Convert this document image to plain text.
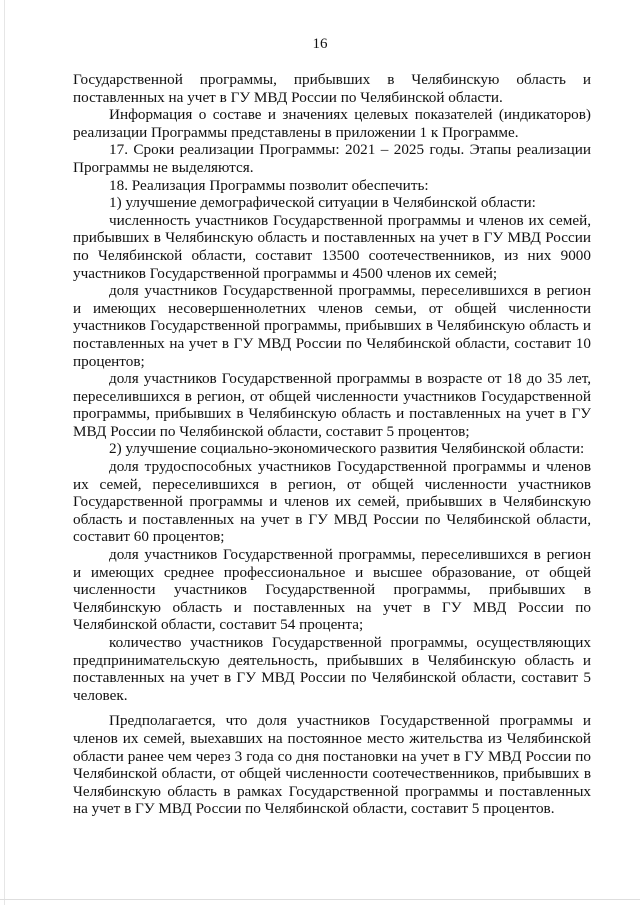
16

Государственной программы, прибывших в Челябинскую область и поставленных на учет в ГУ МВД России по Челябинской области.

Информация о составе и значениях целевых показателей (индикаторов) реализации Программы представлены в приложении 1 к Программе.

17. Сроки реализации Программы: 2021 – 2025 годы. Этапы реализации Программы не выделяются.

18. Реализация Программы позволит обеспечить:

1) улучшение демографической ситуации в Челябинской области:

численность участников Государственной программы и членов их семей, прибывших в Челябинскую область и поставленных на учет в ГУ МВД России по Челябинской области, составит 13500 соотечественников, из них 9000 участников Государственной программы и 4500 членов их семей;

доля участников Государственной программы, переселившихся в регион и имеющих несовершеннолетних членов семьи, от общей численности участников Государственной программы, прибывших в Челябинскую область и поставленных на учет в ГУ МВД России по Челябинской области, составит 10 процентов;

доля участников Государственной программы в возрасте от 18 до 35 лет, переселившихся в регион, от общей численности участников Государственной программы, прибывших в Челябинскую область и поставленных на учет в ГУ МВД России по Челябинской области, составит 5 процентов;

2) улучшение социально-экономического развития Челябинской области:

доля трудоспособных участников Государственной программы и членов их семей, переселившихся в регион, от общей численности участников Государственной программы и членов их семей, прибывших в Челябинскую область и поставленных на учет в ГУ МВД России по Челябинской области, составит 60 процентов;

доля участников Государственной программы, переселившихся в регион и имеющих среднее профессиональное и высшее образование, от общей численности участников Государственной программы, прибывших в Челябинскую область и поставленных на учет в ГУ МВД России по Челябинской области, составит 54 процента;

количество участников Государственной программы, осуществляющих предпринимательскую деятельность, прибывших в Челябинскую область и поставленных на учет в ГУ МВД России по Челябинской области, составит 5 человек.

Предполагается, что доля участников Государственной программы и членов их семей, выехавших на постоянное место жительства из Челябинской области ранее чем через 3 года со дня постановки на учет в ГУ МВД России по Челябинской области, от общей численности соотечественников, прибывших в Челябинскую область в рамках Государственной программы и поставленных на учет в ГУ МВД России по Челябинской области, составит 5 процентов.
